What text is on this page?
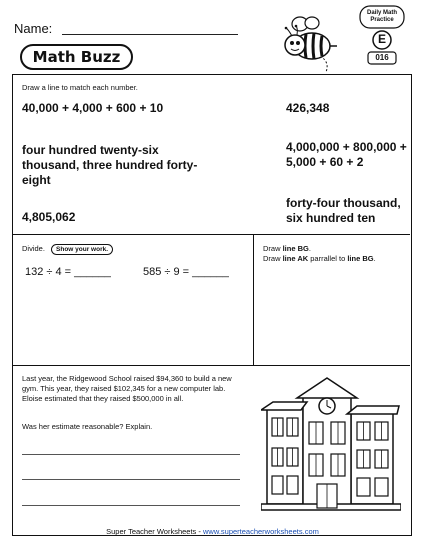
Name:
Math Buzz
Daily Math
Practice
E
016
Draw a line to match each number.
40,000 + 4,000 + 600 + 10
four hundred twenty-six thousand, three hundred forty-eight
4,805,062
426,348
4,000,000 + 800,000 + 5,000 + 60 + 2
forty-four thousand, six hundred ten
Divide. Show your work.
132 ÷ 4 = ______	585 ÷ 9 = ______
Draw line BG.
Draw line AK parrallel to line BG.
Last year, the Ridgewood School raised $94,360 to build a new gym. This year, they raised $102,345 for a new computer lab. Eloise estimated that they raised $500,000 in all.
Was her estimate reasonable? Explain.
Super Teacher Worksheets - www.superteacherworksheets.com
